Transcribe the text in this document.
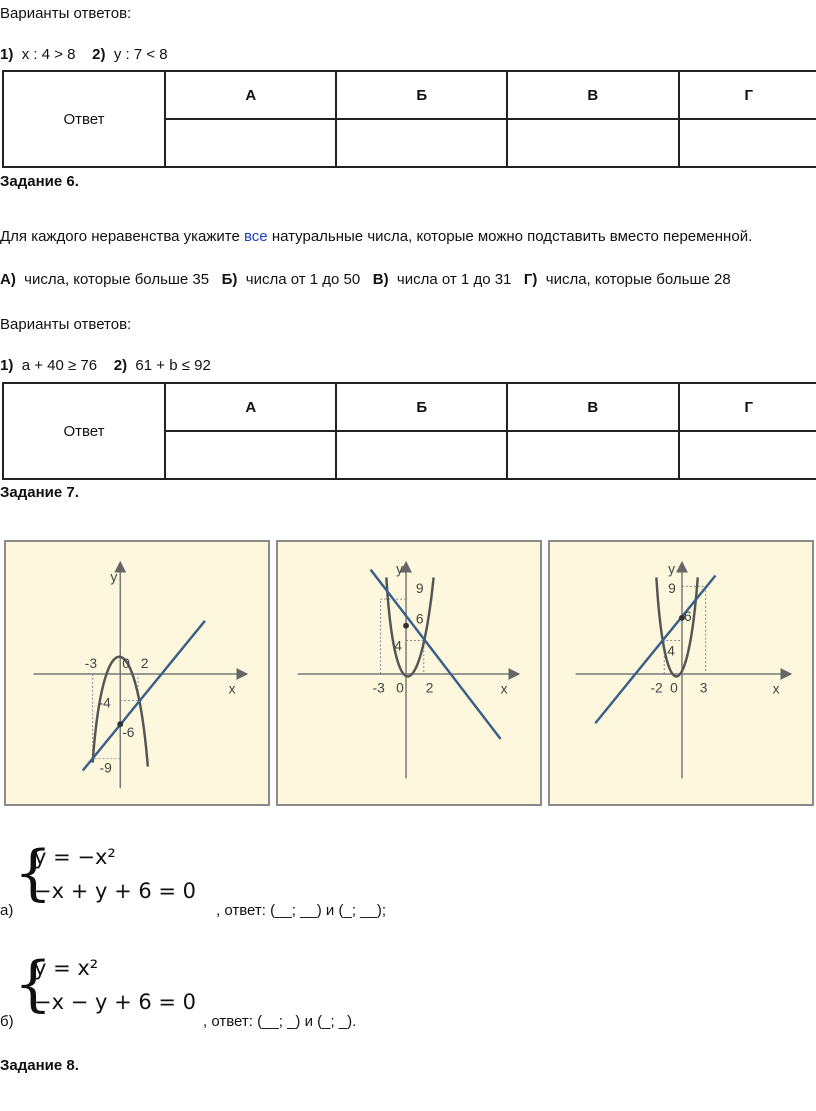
Варианты ответов:
1) x : 4 > 8 2) y : 7 < 8
Ответ	А	Б	В	Г

Задание 6.
Для каждого неравенства укажите все натуральные числа, которые можно подставить вместо переменной.
А) числа, которые больше 35 Б) числа от 1 до 50 В) числа от 1 до 31 Г) числа, которые больше 28
Варианты ответов:
1) a + 40 ≥ 76 2) 61 + b ≤ 92
Ответ	А	Б	В	Г

Задание 7.
y
x
-3 0 2
-4
-6
-9
y
x
9
6
4
-3 0 2
y
x
9
6
4
-2 0 3
{
y = −x²
−x + y + 6 = 0
а)	, ответ: (__; __) и (_; __);
{
y = x²
−x − y + 6 = 0
б)	, ответ: (__; _) и (_; _).
Задание 8.
